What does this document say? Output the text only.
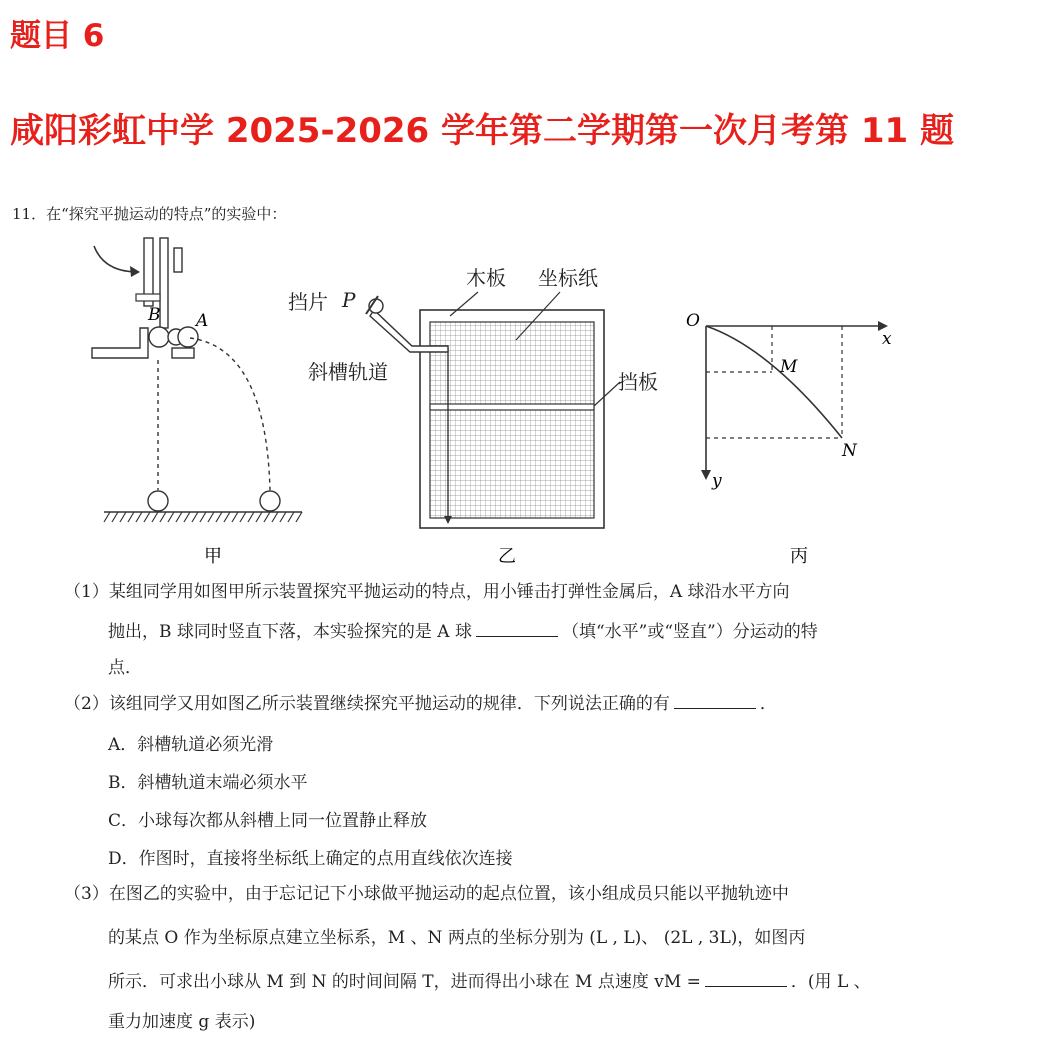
题目 6
咸阳彩虹中学 2025-2026 学年第二学期第一次月考第 11 题
11．在“探究平抛运动的特点”的实验中：
B A
甲
挡片 P
斜槽轨道
木板 坐标纸
挡板
乙
O
x
y
M
N
丙
（1）某组同学用如图甲所示装置探究平抛运动的特点，用小锤击打弹性金属后，A 球沿水平方向
抛出，B 球同时竖直下落，本实验探究的是 A 球	（填“水平”或“竖直”）分运动的特
点．
（2）该组同学又用如图乙所示装置继续探究平抛运动的规律．下列说法正确的有	．
A．斜槽轨道必须光滑
B．斜槽轨道末端必须水平
C．小球每次都从斜槽上同一位置静止释放
D．作图时，直接将坐标纸上确定的点用直线依次连接
（3）在图乙的实验中，由于忘记记下小球做平抛运动的起点位置，该小组成员只能以平抛轨迹中
的某点 O 作为坐标原点建立坐标系，M 、N 两点的坐标分别为 (L , L)、 (2L , 3L)，如图丙
所示．可求出小球从 M 到 N 的时间间隔 T，进而得出小球在 M 点速度 vM =	．(用 L 、
重力加速度 g 表示)
